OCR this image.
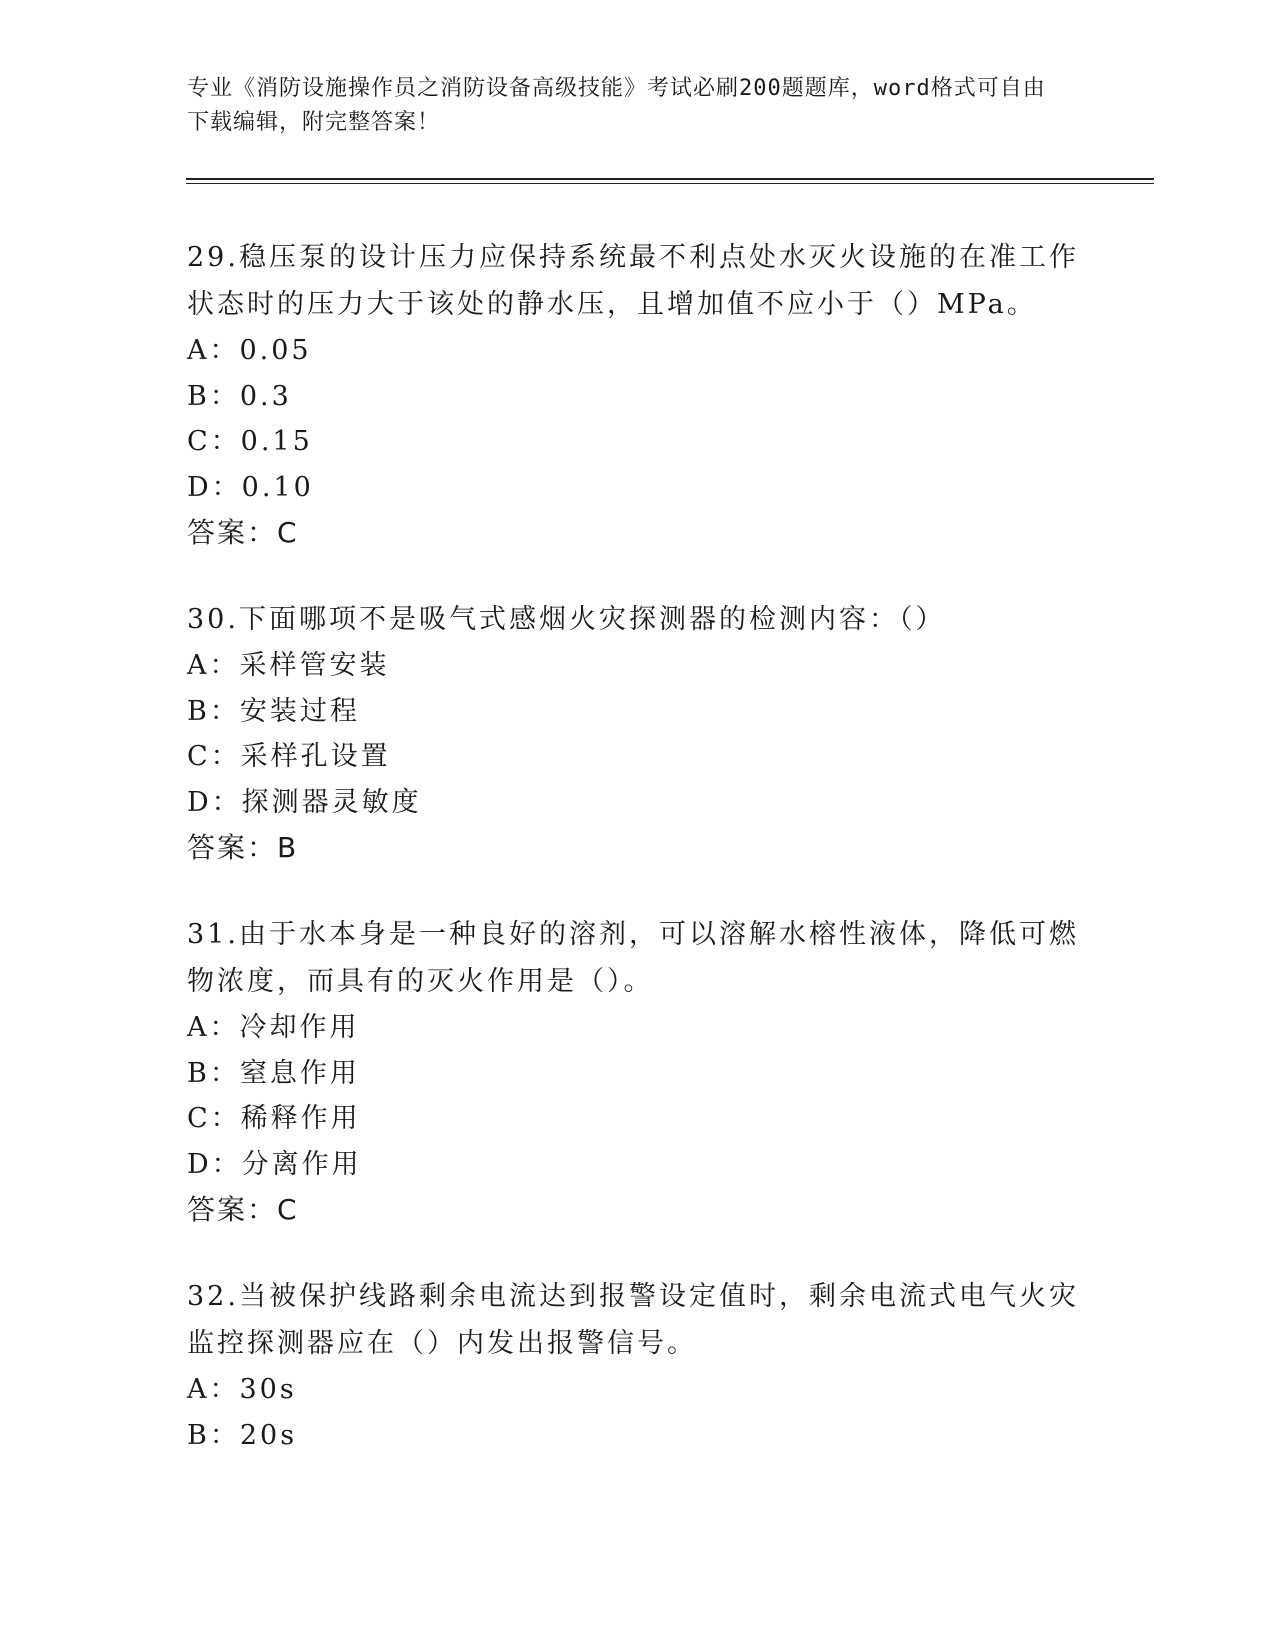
专业《消防设施操作员之消防设备高级技能》考试必刷200题题库，word格式可自由下载编辑，附完整答案！

29.稳压泵的设计压力应保持系统最不利点处水灭火设施的在准工作状态时的压力大于该处的静水压，且增加值不应小于（）MPa。

A：0.05

B：0.3

C：0.15

D：0.10

答案：C

30.下面哪项不是吸气式感烟火灾探测器的检测内容：（）

A：采样管安装

B：安装过程

C：采样孔设置

D：探测器灵敏度

答案：B

31.由于水本身是一种良好的溶剂，可以溶解水榕性液体，降低可燃物浓度，而具有的灭火作用是（）。

A：冷却作用

B：窒息作用

C：稀释作用

D：分离作用

答案：C

32.当被保护线路剩余电流达到报警设定值时，剩余电流式电气火灾监控探测器应在（）内发出报警信号。

A：30s

B：20s
